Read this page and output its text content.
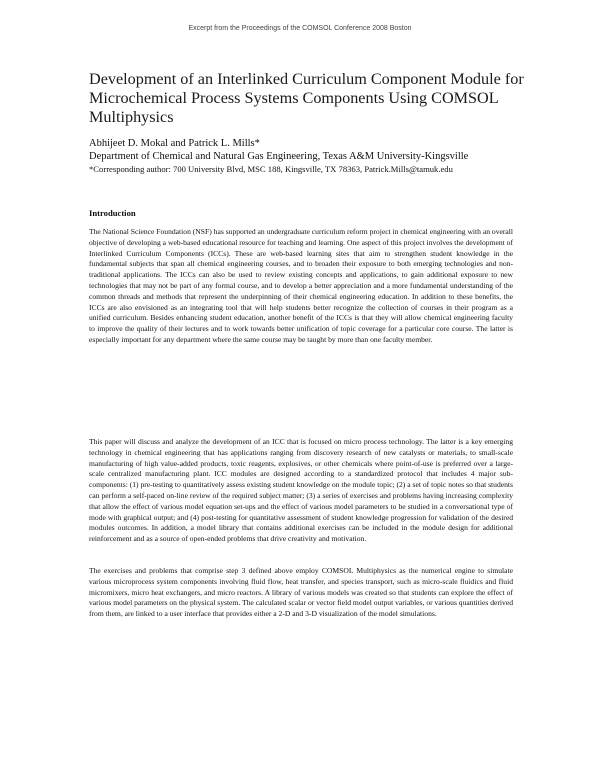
Excerpt from the Proceedings of the COMSOL Conference 2008 Boston
Development of an Interlinked Curriculum Component Module for Microchemical Process Systems Components Using COMSOL Multiphysics
Abhijeet D. Mokal and Patrick L. Mills*
Department of Chemical and Natural Gas Engineering, Texas A&M University-Kingsville
*Corresponding author: 700 University Blvd, MSC 188, Kingsville, TX 78363, Patrick.Mills@tamuk.edu
Introduction

The National Science Foundation (NSF) has supported an undergraduate curriculum reform project in chemical engineering with an overall objective of developing a web-based educational resource for teaching and learning. One aspect of this project involves the development of Interlinked Curriculum Components (ICCs). These are web-based learning sites that aim to strengthen student knowledge in the fundamental subjects that span all chemical engineering courses, and to broaden their exposure to both emerging technologies and non-traditional applications. The ICCs can also be used to review existing concepts and applications, to gain additional exposure to new technologies that may not be part of any formal course, and to develop a better appreciation and a more fundamental understanding of the common threads and methods that represent the underpinning of their chemical engineering education. In addition to these benefits, the ICCs are also envisioned as an integrating tool that will help students better recognize the collection of courses in their program as a unified curriculum. Besides enhancing student education, another benefit of the ICCs is that they will allow chemical engineering faculty to improve the quality of their lectures and to work towards better unification of topic coverage for a particular core course. The latter is especially important for any department where the same course may be taught by more than one faculty member.

This paper will discuss and analyze the development of an ICC that is focused on micro process technology. The latter is a key emerging technology in chemical engineering that has applications ranging from discovery research of new catalysts or materials, to small-scale manufacturing of high value-added products, toxic reagents, explosives, or other chemicals where point-of-use is preferred over a large-scale centralized manufacturing plant. ICC modules are designed according to a standardized protocol that includes 4 major sub-components: (1) pre-testing to quantitatively assess existing student knowledge on the module topic; (2) a set of topic notes so that students can perform a self-paced on-line review of the required subject matter; (3) a series of exercises and problems having increasing complexity that allow the effect of various model equation set-ups and the effect of various model parameters to be studied in a conversational type of mode with graphical output; and (4) post-testing for quantitative assessment of student knowledge progression for validation of the desired modules outcomes. In addition, a model library that contains additional exercises can be included in the module design for additional reinforcement and as a source of open-ended problems that drive creativity and motivation.

The exercises and problems that comprise step 3 defined above employ COMSOL Multiphysics as the numerical engine to simulate various microprocess system components involving fluid flow, heat transfer, and species transport, such as micro-scale fluidics and fluid micromixers, micro heat exchangers, and micro reactors. A library of various models was created so that students can explore the effect of various model parameters on the physical system. The calculated scalar or vector field model output variables, or various quantities derived from them, are linked to a user interface that provides either a 2-D and 3-D visualization of the model simulations.
